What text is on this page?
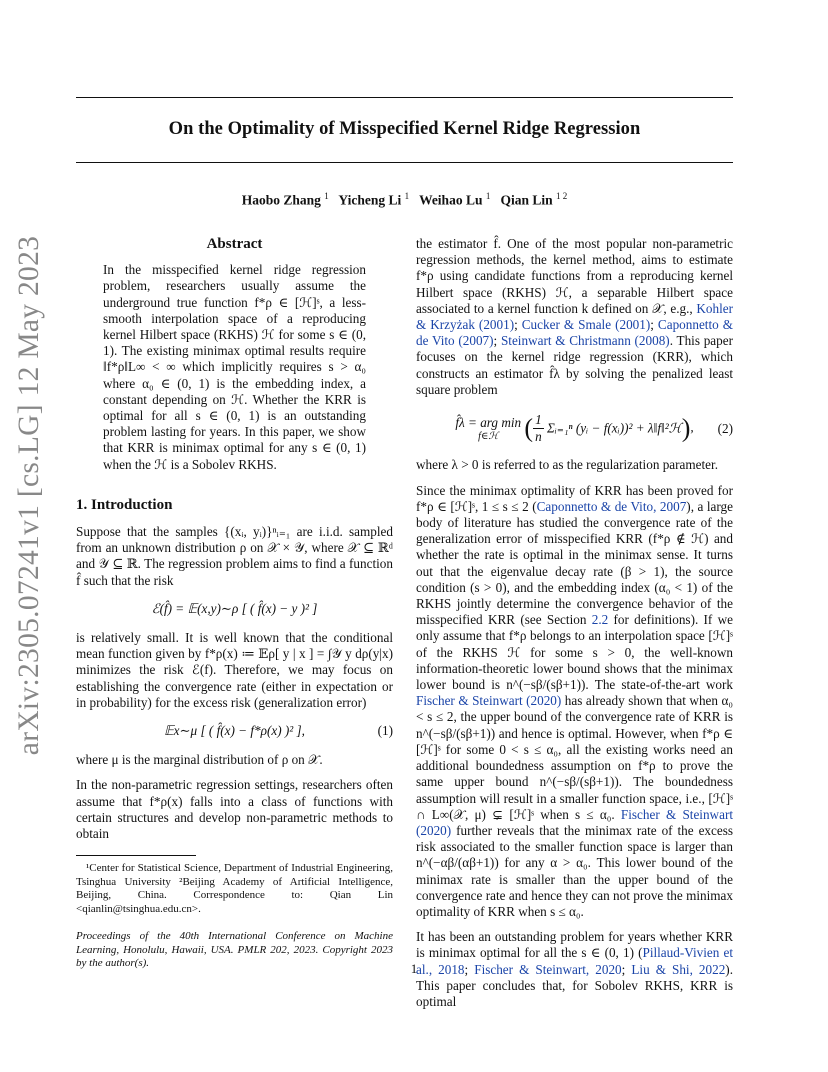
arXiv:2305.07241v1 [cs.LG] 12 May 2023
On the Optimality of Misspecified Kernel Ridge Regression
Haobo Zhang $^1$ Yicheng Li $^1$ Weihao Lu $^1$ Qian Lin $^{1 2}$
Abstract

In the misspecified kernel ridge regression problem, researchers usually assume the underground true function f*ρ ∈ [ℋ]ˢ, a less-smooth interpolation space of a reproducing kernel Hilbert space (RKHS) ℋ for some s ∈ (0, 1). The existing minimax optimal results require ‖f*ρ‖L∞ < ∞ which implicitly requires s > α₀ where α₀ ∈ (0, 1) is the embedding index, a constant depending on ℋ. Whether the KRR is optimal for all s ∈ (0, 1) is an outstanding problem lasting for years. In this paper, we show that KRR is minimax optimal for any s ∈ (0, 1) when the ℋ is a Sobolev RKHS.

1. Introduction

Suppose that the samples {(xᵢ, yᵢ)}ⁿᵢ₌₁ are i.i.d. sampled from an unknown distribution ρ on 𝒳 × 𝒴, where 𝒳 ⊆ ℝᵈ and 𝒴 ⊆ ℝ. The regression problem aims to find a function f̂ such that the risk

ℰ(f̂) = 𝔼(x,y)∼ρ [ ( f̂(x) − y )² ]

is relatively small. It is well known that the conditional mean function given by f*ρ(x) ≔ 𝔼ρ[ y | x ] = ∫𝒴 y dρ(y|x) minimizes the risk ℰ(f). Therefore, we may focus on establishing the convergence rate (either in expectation or in probability) for the excess risk (generalization error)

𝔼x∼μ [ ( f̂(x) − f*ρ(x) )² ],	(1)

where μ is the marginal distribution of ρ on 𝒳.

In the non-parametric regression settings, researchers often assume that f*ρ(x) falls into a class of functions with certain structures and develop non-parametric methods to obtain

¹Center for Statistical Science, Department of Industrial Engineering, Tsinghua University ²Beijing Academy of Artificial Intelligence, Beijing, China. Correspondence to: Qian Lin <qianlin@tsinghua.edu.cn>.

Proceedings of the 40th International Conference on Machine Learning, Honolulu, Hawaii, USA. PMLR 202, 2023. Copyright 2023 by the author(s).

the estimator f̂. One of the most popular non-parametric regression methods, the kernel method, aims to estimate f*ρ using candidate functions from a reproducing kernel Hilbert space (RKHS) ℋ, a separable Hilbert space associated to a kernel function k defined on 𝒳, e.g., Kohler & Krzyżak (2001); Cucker & Smale (2001); Caponnetto & de Vito (2007); Steinwart & Christmann (2008). This paper focuses on the kernel ridge regression (KRR), which constructs an estimator f̂λ by solving the penalized least square problem

f̂λ = arg min
f∈ℋ	( $\frac{1}{n}$ Σᵢ₌₁ⁿ (yᵢ − f(xᵢ))² + λ‖f‖²ℋ), (2)

where λ > 0 is referred to as the regularization parameter.

Since the minimax optimality of KRR has been proved for f*ρ ∈ [ℋ]ˢ, 1 ≤ s ≤ 2 (Caponnetto & de Vito, 2007), a large body of literature has studied the convergence rate of the generalization error of misspecified KRR (f*ρ ∉ ℋ) and whether the rate is optimal in the minimax sense. It turns out that the eigenvalue decay rate (β > 1), the source condition (s > 0), and the embedding index (α₀ < 1) of the RKHS jointly determine the convergence behavior of the misspecified KRR (see Section 2.2 for definitions). If we only assume that f*ρ belongs to an interpolation space [ℋ]ˢ of the RKHS ℋ for some s > 0, the well-known information-theoretic lower bound shows that the minimax lower bound is n^(−sβ/(sβ+1)). The state-of-the-art work Fischer & Steinwart (2020) has already shown that when α₀ < s ≤ 2, the upper bound of the convergence rate of KRR is n^(−sβ/(sβ+1)) and hence is optimal. However, when f*ρ ∈ [ℋ]ˢ for some 0 < s ≤ α₀, all the existing works need an additional boundedness assumption on f*ρ to prove the same upper bound n^(−sβ/(sβ+1)). The boundedness assumption will result in a smaller function space, i.e., [ℋ]ˢ ∩ L∞(𝒳, μ) ⊊ [ℋ]ˢ when s ≤ α₀. Fischer & Steinwart (2020) further reveals that the minimax rate of the excess risk associated to the smaller function space is larger than n^(−αβ/(αβ+1)) for any α > α₀. This lower bound of the minimax rate is smaller than the upper bound of the convergence rate and hence they can not prove the minimax optimality of KRR when s ≤ α₀.

It has been an outstanding problem for years whether KRR is minimax optimal for all the s ∈ (0, 1) (Pillaud-Vivien et al., 2018; Fischer & Steinwart, 2020; Liu & Shi, 2022). This paper concludes that, for Sobolev RKHS, KRR is optimal

1
